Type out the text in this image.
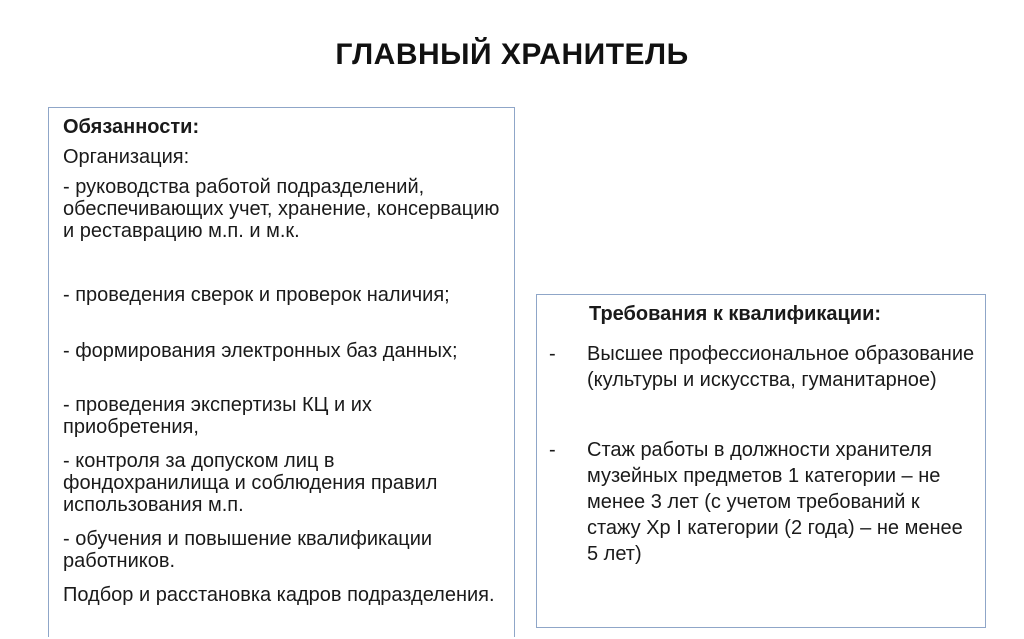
ГЛАВНЫЙ ХРАНИТЕЛЬ
Обязанности:
Организация:
- руководства работой подразделений, обеспечивающих учет, хранение, консервацию и реставрацию м.п. и м.к.
- проведения сверок и проверок наличия;
- формирования электронных баз данных;
- проведения экспертизы КЦ и их приобретения,
- контроля за допуском лиц в фондохранилища и соблюдения правил использования м.п.
- обучения и повышение квалификации работников.
Подбор и расстановка кадров подразделения.
Требования к квалификации:
- Высшее профессиональное образование (культуры и искусства, гуманитарное)
- Стаж работы в должности хранителя музейных предметов 1 категории – не менее 3 лет (с учетом требований к стажу Хр I категории (2 года) – не менее 5 лет)
